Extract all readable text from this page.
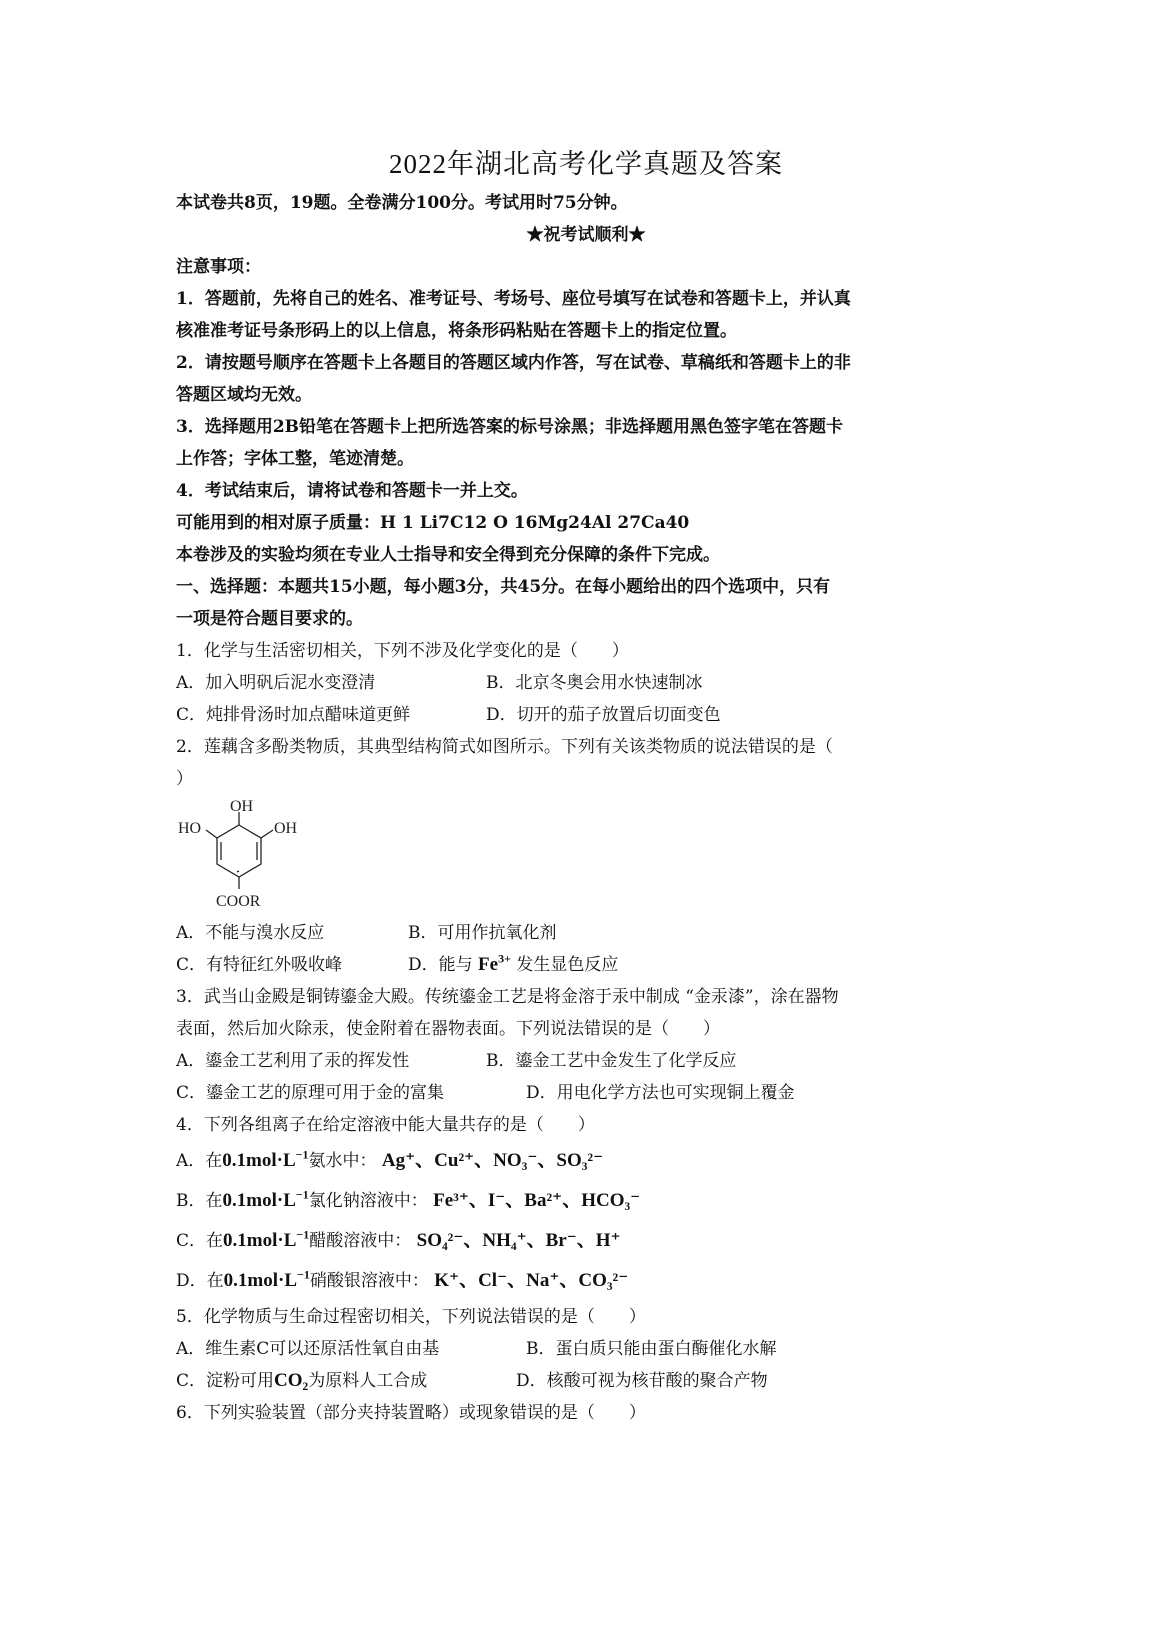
2022年湖北高考化学真题及答案
本试卷共8页，19题。全卷满分100分。考试用时75分钟。
★祝考试顺利★
注意事项：
1．答题前，先将自己的姓名、准考证号、考场号、座位号填写在试卷和答题卡上，并认真
核准准考证号条形码上的以上信息，将条形码粘贴在答题卡上的指定位置。
2．请按题号顺序在答题卡上各题目的答题区域内作答，写在试卷、草稿纸和答题卡上的非
答题区域均无效。
3．选择题用2B铅笔在答题卡上把所选答案的标号涂黑；非选择题用黑色签字笔在答题卡
上作答；字体工整，笔迹清楚。
4．考试结束后，请将试卷和答题卡一并上交。
可能用到的相对原子质量：H 1 Li7C12 O 16Mg24Al 27Ca40
本卷涉及的实验均须在专业人士指导和安全得到充分保障的条件下完成。
一、选择题：本题共15小题，每小题3分，共45分。在每小题给出的四个选项中，只有
一项是符合题目要求的。
1．化学与生活密切相关，下列不涉及化学变化的是（　　）
A．加入明矾后泥水变澄清	B．北京冬奥会用水快速制冰
C．炖排骨汤时加点醋味道更鲜	D．切开的茄子放置后切面变色
2．莲藕含多酚类物质，其典型结构简式如图所示。下列有关该类物质的说法错误的是（
）
OH
HO	OH
COOR
A．不能与溴水反应	B．可用作抗氧化剂
C．有特征红外吸收峰	D．能与 $Fe^{3+}$ 发生显色反应
3．武当山金殿是铜铸鎏金大殿。传统鎏金工艺是将金溶于汞中制成 “金汞漆”，涂在器物
表面，然后加火除汞，使金附着在器物表面。下列说法错误的是（　　）
A．鎏金工艺利用了汞的挥发性	B．鎏金工艺中金发生了化学反应
C．鎏金工艺的原理可用于金的富集	D．用电化学方法也可实现铜上覆金
4．下列各组离子在给定溶液中能大量共存的是（　　）
A．在$0.1mol\cdot L^{-1}$氨水中： Ag⁺、Cu²⁺、NO₃⁻、SO₃²⁻
B．在$0.1mol\cdot L^{-1}$氯化钠溶液中： Fe³⁺、I⁻、Ba²⁺、HCO₃⁻
C．在$0.1mol\cdot L^{-1}$醋酸溶液中： SO₄²⁻、NH₄⁺、Br⁻、H⁺
D．在$0.1mol\cdot L^{-1}$硝酸银溶液中： K⁺、Cl⁻、Na⁺、CO₃²⁻
5．化学物质与生命过程密切相关，下列说法错误的是（　　）
A．维生素C可以还原活性氧自由基	B．蛋白质只能由蛋白酶催化水解
C．淀粉可用CO₂为原料人工合成	D．核酸可视为核苷酸的聚合产物
6．下列实验装置（部分夹持装置略）或现象错误的是（　　）
